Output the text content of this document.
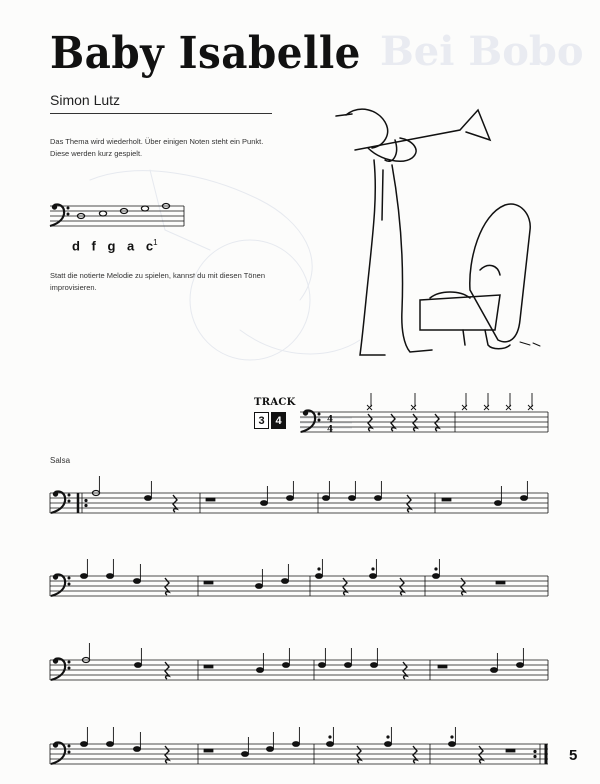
Bei Bobo
Baby Isabelle
Simon Lutz
Das Thema wird wiederholt. Über einigen Noten steht ein Punkt. Diese werden kurz gespielt.
d f g a $c^1$
Statt die notierte Melodie zu spielen, kannst du mit diesen Tönen improvisieren.
TRACK
3 4
Salsa
5
4
4
